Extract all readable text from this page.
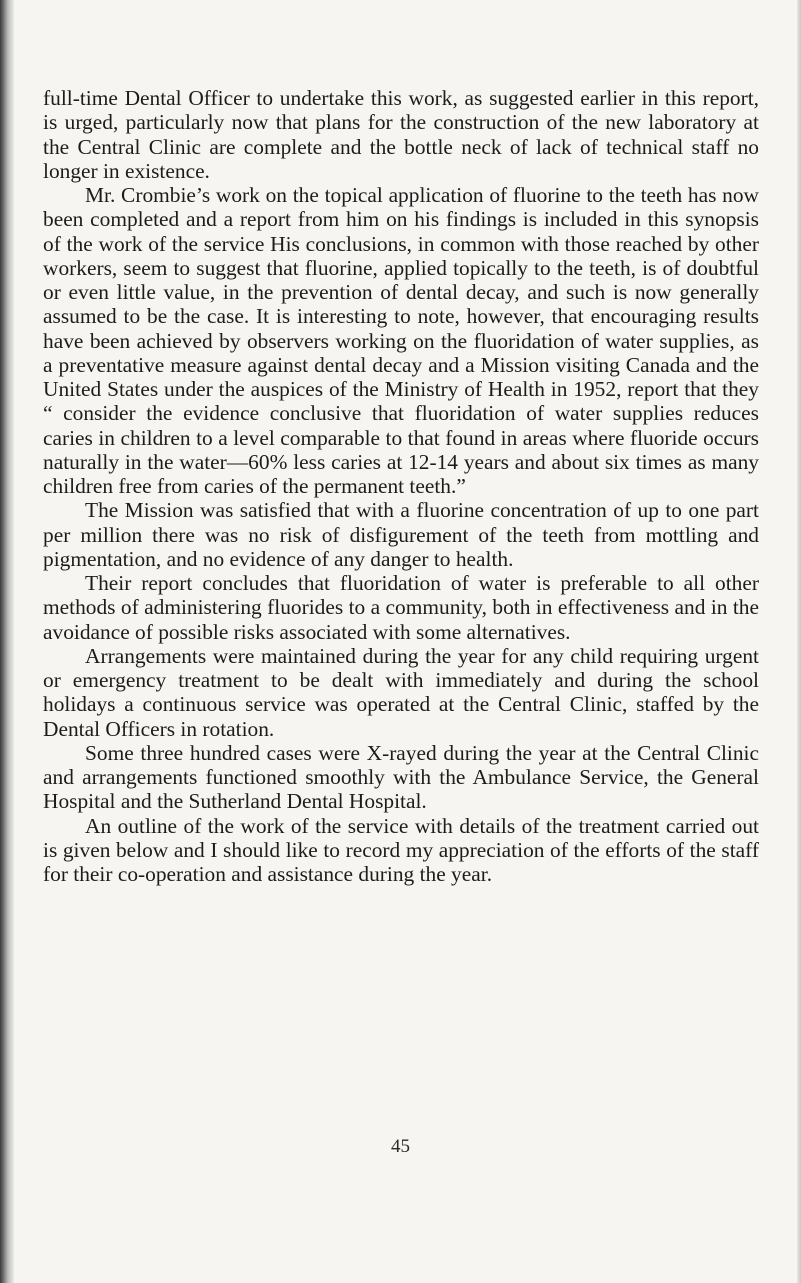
full-time Dental Officer to undertake this work, as suggested earlier in this report, is urged, particularly now that plans for the construction of the new laboratory at the Central Clinic are complete and the bottle neck of lack of technical staff no longer in existence.

Mr. Crombie’s work on the topical application of fluorine to the teeth has now been completed and a report from him on his findings is included in this synopsis of the work of the service His conclusions, in common with those reached by other workers, seem to suggest that fluorine, applied topically to the teeth, is of doubtful or even little value, in the prevention of dental decay, and such is now generally assumed to be the case. It is interesting to note, however, that encouraging results have been achieved by observers working on the fluoridation of water supplies, as a preventative measure against dental decay and a Mission visiting Canada and the United States under the auspices of the Ministry of Health in 1952, report that they “ consider the evidence conclusive that fluoridation of water supplies reduces caries in children to a level comparable to that found in areas where fluoride occurs naturally in the water—60% less caries at 12-14 years and about six times as many children free from caries of the permanent teeth.”

The Mission was satisfied that with a fluorine concentration of up to one part per million there was no risk of disfigurement of the teeth from mottling and pigmentation, and no evidence of any danger to health.

Their report concludes that fluoridation of water is preferable to all other methods of administering fluorides to a community, both in effectiveness and in the avoidance of possible risks associated with some alternatives.

Arrangements were maintained during the year for any child requiring urgent or emergency treatment to be dealt with immediately and during the school holidays a continuous service was operated at the Central Clinic, staffed by the Dental Officers in rotation.

Some three hundred cases were X-rayed during the year at the Central Clinic and arrangements functioned smoothly with the Ambulance Service, the General Hospital and the Sutherland Dental Hospital.

An outline of the work of the service with details of the treatment carried out is given below and I should like to record my appreciation of the efforts of the staff for their co-operation and assistance during the year.

45
